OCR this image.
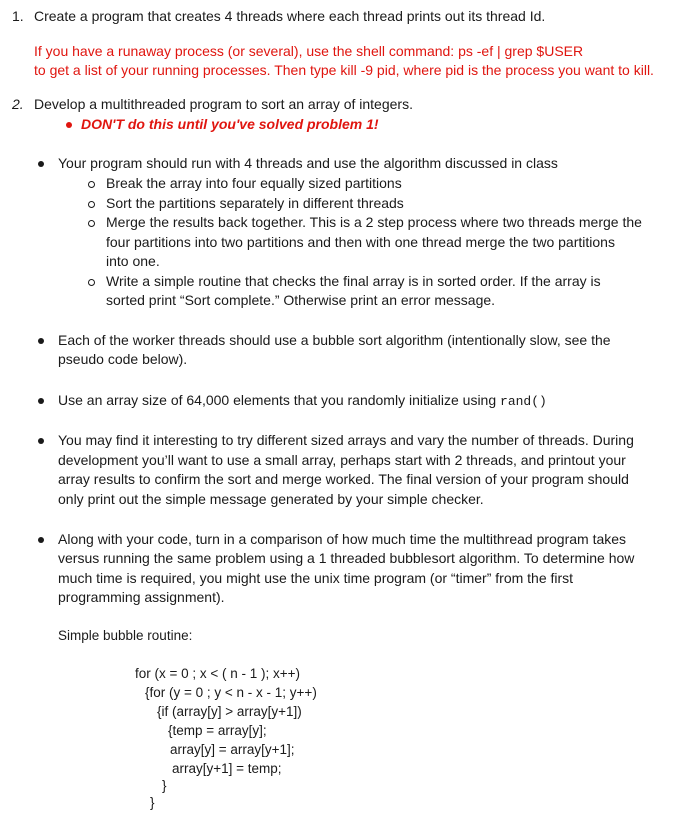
1. Create a program that creates 4 threads where each thread prints out its thread Id.
If you have a runaway process (or several), use the shell command: ps -ef | grep $USER
to get a list of your running processes. Then type kill -9 pid, where pid is the process you want to kill.
2. Develop a multithreaded program to sort an array of integers.
DON'T do this until you've solved problem 1!
Your program should run with 4 threads and use the algorithm discussed in class
Break the array into four equally sized partitions
Sort the partitions separately in different threads
Merge the results back together. This is a 2 step process where two threads merge the
four partitions into two partitions and then with one thread merge the two partitions
into one.
Write a simple routine that checks the final array is in sorted order. If the array is
sorted print “Sort complete.” Otherwise print an error message.
Each of the worker threads should use a bubble sort algorithm (intentionally slow, see the
pseudo code below).
Use an array size of 64,000 elements that you randomly initialize using rand()
You may find it interesting to try different sized arrays and vary the number of threads. During
development you’ll want to use a small array, perhaps start with 2 threads, and printout your
array results to confirm the sort and merge worked. The final version of your program should
only print out the simple message generated by your simple checker.
Along with your code, turn in a comparison of how much time the multithread program takes
versus running the same problem using a 1 threaded bubblesort algorithm. To determine how
much time is required, you might use the unix time program (or “timer” from the first
programming assignment).
Simple bubble routine:
for (x = 0 ; x < ( n - 1 ); x++)
{for (y = 0 ; y < n - x - 1; y++)
{if (array[y] > array[y+1])
{temp = array[y];
array[y] = array[y+1];
array[y+1] = temp;
}
}
